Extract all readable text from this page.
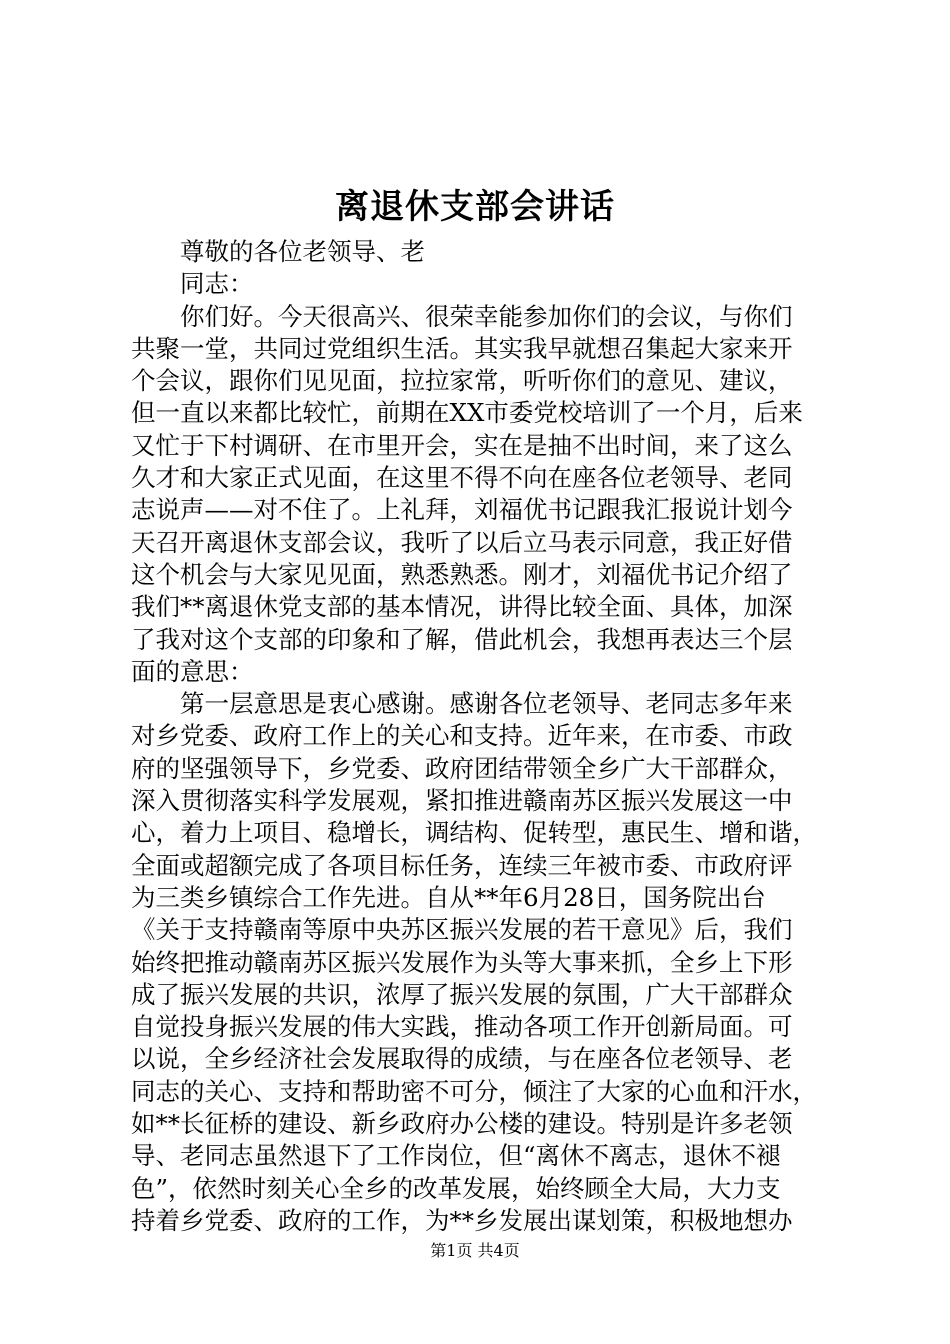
离退休支部会讲话
尊敬的各位老领导、老
同志：
你们好。今天很高兴、很荣幸能参加你们的会议，与你们
共聚一堂，共同过党组织生活。其实我早就想召集起大家来开
个会议，跟你们见见面，拉拉家常，听听你们的意见、建议，
但一直以来都比较忙，前期在XX市委党校培训了一个月，后来
又忙于下村调研、在市里开会，实在是抽不出时间，来了这么
久才和大家正式见面，在这里不得不向在座各位老领导、老同
志说声——对不住了。上礼拜，刘福优书记跟我汇报说计划今
天召开离退休支部会议，我听了以后立马表示同意，我正好借
这个机会与大家见见面，熟悉熟悉。刚才，刘福优书记介绍了
我们**离退休党支部的基本情况，讲得比较全面、具体，加深
了我对这个支部的印象和了解，借此机会，我想再表达三个层
面的意思：
第一层意思是衷心感谢。感谢各位老领导、老同志多年来
对乡党委、政府工作上的关心和支持。近年来，在市委、市政
府的坚强领导下，乡党委、政府团结带领全乡广大干部群众，
深入贯彻落实科学发展观，紧扣推进赣南苏区振兴发展这一中
心，着力上项目、稳增长，调结构、促转型，惠民生、增和谐，
全面或超额完成了各项目标任务，连续三年被市委、市政府评
为三类乡镇综合工作先进。自从**年6月28日，国务院出台
《关于支持赣南等原中央苏区振兴发展的若干意见》后，我们
始终把推动赣南苏区振兴发展作为头等大事来抓，全乡上下形
成了振兴发展的共识，浓厚了振兴发展的氛围，广大干部群众
自觉投身振兴发展的伟大实践，推动各项工作开创新局面。可
以说，全乡经济社会发展取得的成绩，与在座各位老领导、老
同志的关心、支持和帮助密不可分，倾注了大家的心血和汗水，
如**长征桥的建设、新乡政府办公楼的建设。特别是许多老领
导、老同志虽然退下了工作岗位，但“离休不离志，退休不褪
色”，依然时刻关心全乡的改革发展，始终顾全大局，大力支
持着乡党委、政府的工作，为**乡发展出谋划策，积极地想办
第1页 共4页
